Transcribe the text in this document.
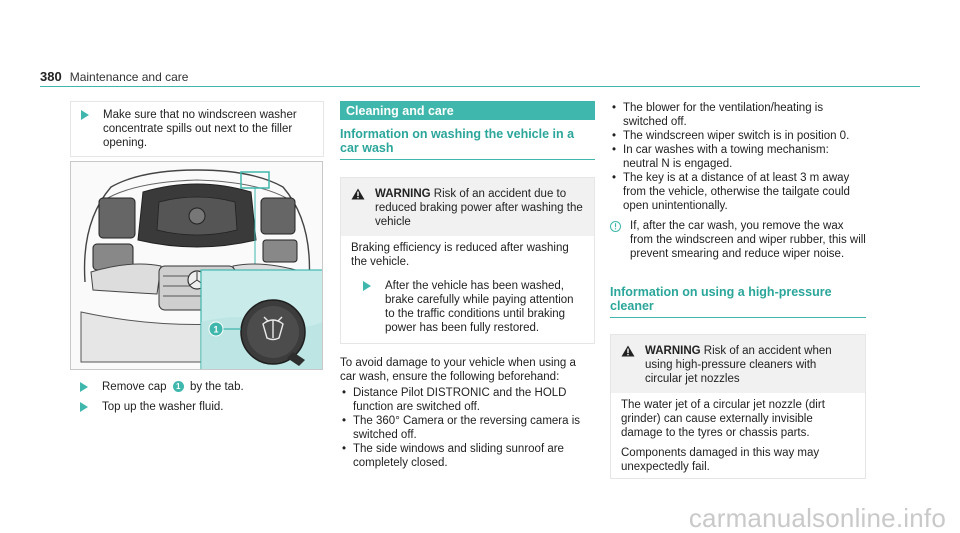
380 Maintenance and care
Make sure that no windscreen washer concentrate spills out next to the filler opening.
1
Remove cap 1 by the tab.
Top up the washer fluid.
Cleaning and care
Information on washing the vehicle in a car wash
WARNING Risk of an accident due to reduced braking power after washing the vehicle
Braking efficiency is reduced after washing the vehicle.
After the vehicle has been washed, brake carefully while paying attention to the traffic conditions until braking power has been fully restored.
To avoid damage to your vehicle when using a car wash, ensure the following beforehand:
• Distance Pilot DISTRONIC and the HOLD function are switched off.
• The 360° Camera or the reversing camera is switched off.
• The side windows and sliding sunroof are completely closed.
• The blower for the ventilation/heating is switched off.
• The windscreen wiper switch is in position 0.
• In car washes with a towing mechanism: neutral N is engaged.
• The key is at a distance of at least 3 m away from the vehicle, otherwise the tailgate could open unintentionally.
If, after the car wash, you remove the wax from the windscreen and wiper rubber, this will prevent smearing and reduce wiper noise.
Information on using a high-pressure cleaner
WARNING Risk of an accident when using high-pressure cleaners with circular jet nozzles
The water jet of a circular jet nozzle (dirt grinder) can cause externally invisible damage to the tyres or chassis parts.
Components damaged in this way may unexpectedly fail.
carmanualsonline.info
